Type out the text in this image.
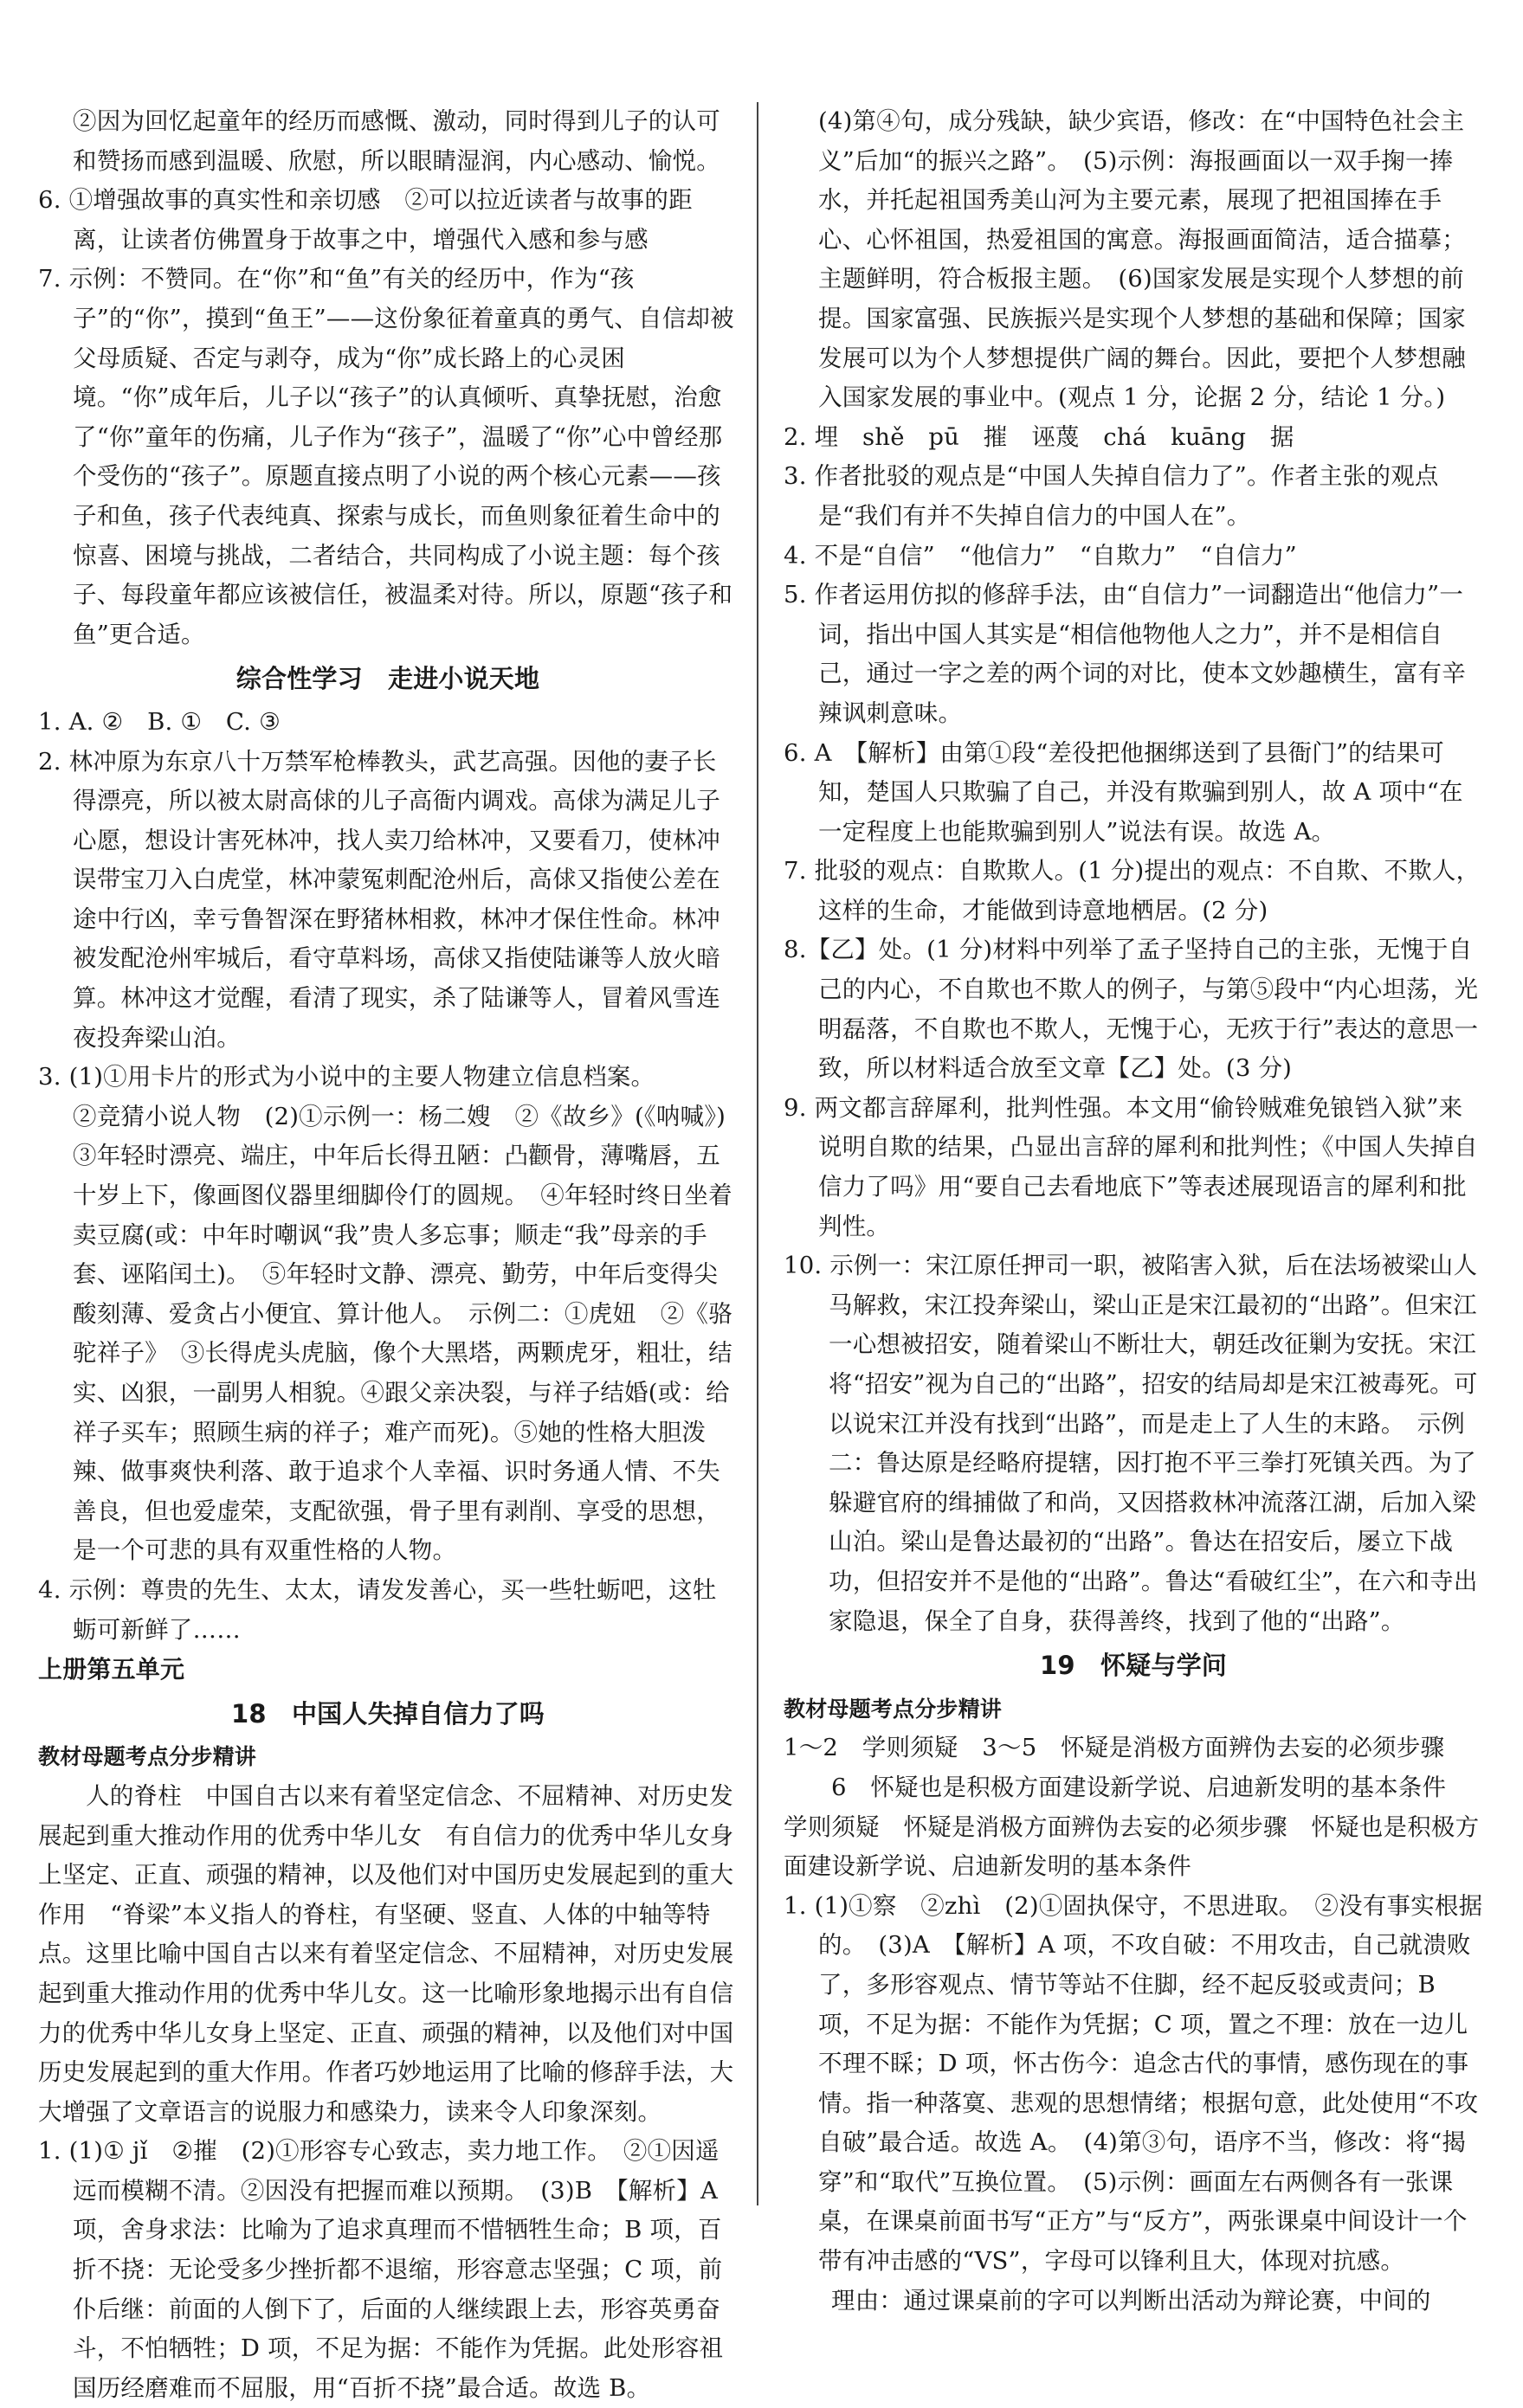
②因为回忆起童年的经历而感慨、激动，同时得到儿子的认可和赞扬而感到温暖、欣慰，所以眼睛湿润，内心感动、愉悦。

6. ①增强故事的真实性和亲切感　②可以拉近读者与故事的距离，让读者仿佛置身于故事之中，增强代入感和参与感

7. 示例：不赞同。在“你”和“鱼”有关的经历中，作为“孩子”的“你”，摸到“鱼王”——这份象征着童真的勇气、自信却被父母质疑、否定与剥夺，成为“你”成长路上的心灵困境。“你”成年后，儿子以“孩子”的认真倾听、真挚抚慰，治愈了“你”童年的伤痛，儿子作为“孩子”，温暖了“你”心中曾经那个受伤的“孩子”。原题直接点明了小说的两个核心元素——孩子和鱼，孩子代表纯真、探索与成长，而鱼则象征着生命中的惊喜、困境与挑战，二者结合，共同构成了小说主题：每个孩子、每段童年都应该被信任，被温柔对待。所以，原题“孩子和鱼”更合适。

综合性学习　走进小说天地

1. A. ②　B. ①　C. ③

2. 林冲原为东京八十万禁军枪棒教头，武艺高强。因他的妻子长得漂亮，所以被太尉高俅的儿子高衙内调戏。高俅为满足儿子心愿，想设计害死林冲，找人卖刀给林冲，又要看刀，使林冲误带宝刀入白虎堂，林冲蒙冤刺配沧州后，高俅又指使公差在途中行凶，幸亏鲁智深在野猪林相救，林冲才保住性命。林冲被发配沧州牢城后，看守草料场，高俅又指使陆谦等人放火暗算。林冲这才觉醒，看清了现实，杀了陆谦等人，冒着风雪连夜投奔梁山泊。

3. (1)①用卡片的形式为小说中的主要人物建立信息档案。

②竞猜小说人物　(2)①示例一：杨二嫂　②《故乡》(《呐喊》)　③年轻时漂亮、端庄，中年后长得丑陋：凸颧骨，薄嘴唇，五十岁上下，像画图仪器里细脚伶仃的圆规。　④年轻时终日坐着卖豆腐(或：中年时嘲讽“我”贵人多忘事；顺走“我”母亲的手套、诬陷闰土)。　⑤年轻时文静、漂亮、勤劳，中年后变得尖酸刻薄、爱贪占小便宜、算计他人。　示例二：①虎妞　②《骆驼祥子》　③长得虎头虎脑，像个大黑塔，两颗虎牙，粗壮，结实、凶狠，一副男人相貌。④跟父亲决裂，与祥子结婚(或：给祥子买车；照顾生病的祥子；难产而死)。⑤她的性格大胆泼辣、做事爽快利落、敢于追求个人幸福、识时务通人情、不失善良，但也爱虚荣，支配欲强，骨子里有剥削、享受的思想，是一个可悲的具有双重性格的人物。

4. 示例：尊贵的先生、太太，请发发善心，买一些牡蛎吧，这牡蛎可新鲜了……

上册第五单元

18　中国人失掉自信力了吗

教材母题考点分步精讲

人的脊柱　中国自古以来有着坚定信念、不屈精神、对历史发展起到重大推动作用的优秀中华儿女　有自信力的优秀中华儿女身上坚定、正直、顽强的精神，以及他们对中国历史发展起到的重大作用　“脊梁”本义指人的脊柱，有坚硬、竖直、人体的中轴等特点。这里比喻中国自古以来有着坚定信念、不屈精神，对历史发展起到重大推动作用的优秀中华儿女。这一比喻形象地揭示出有自信力的优秀中华儿女身上坚定、正直、顽强的精神，以及他们对中国历史发展起到的重大作用。作者巧妙地运用了比喻的修辞手法，大大增强了文章语言的说服力和感染力，读来令人印象深刻。

1. (1)① jǐ　②摧　(2)①形容专心致志，卖力地工作。　②①因遥远而模糊不清。②因没有把握而难以预期。　(3)B　【解析】A 项，舍身求法：比喻为了追求真理而不惜牺牲生命；B 项，百折不挠：无论受多少挫折都不退缩，形容意志坚强；C 项，前仆后继：前面的人倒下了，后面的人继续跟上去，形容英勇奋斗，不怕牺牲；D 项，不足为据：不能作为凭据。此处形容祖国历经磨难而不屈服，用“百折不挠”最合适。故选 B。

(4)第④句，成分残缺，缺少宾语，修改：在“中国特色社会主义”后加“的振兴之路”。　(5)示例：海报画面以一双手掬一捧水，并托起祖国秀美山河为主要元素，展现了把祖国捧在手心、心怀祖国，热爱祖国的寓意。海报画面简洁，适合描摹；主题鲜明，符合板报主题。　(6)国家发展是实现个人梦想的前提。国家富强、民族振兴是实现个人梦想的基础和保障；国家发展可以为个人梦想提供广阔的舞台。因此，要把个人梦想融入国家发展的事业中。(观点 1 分，论据 2 分，结论 1 分。)

2. 埋　shě　pū　摧　诬蔑　chá　kuāng　据

3. 作者批驳的观点是“中国人失掉自信力了”。作者主张的观点是“我们有并不失掉自信力的中国人在”。

4. 不是“自信”　“他信力”　“自欺力”　“自信力”

5. 作者运用仿拟的修辞手法，由“自信力”一词翻造出“他信力”一词，指出中国人其实是“相信他物他人之力”，并不是相信自己，通过一字之差的两个词的对比，使本文妙趣横生，富有辛辣讽刺意味。

6. A　【解析】由第①段“差役把他捆绑送到了县衙门”的结果可知，楚国人只欺骗了自己，并没有欺骗到别人，故 A 项中“在一定程度上也能欺骗到别人”说法有误。故选 A。

7. 批驳的观点：自欺欺人。(1 分)提出的观点：不自欺、不欺人，这样的生命，才能做到诗意地栖居。(2 分)

8.【乙】处。(1 分)材料中列举了孟子坚持自己的主张，无愧于自己的内心，不自欺也不欺人的例子，与第⑤段中“内心坦荡，光明磊落，不自欺也不欺人，无愧于心，无疚于行”表达的意思一致，所以材料适合放至文章【乙】处。(3 分)

9. 两文都言辞犀利，批判性强。本文用“偷铃贼难免锒铛入狱”来说明自欺的结果，凸显出言辞的犀利和批判性；《中国人失掉自信力了吗》用“要自己去看地底下”等表述展现语言的犀利和批判性。

10. 示例一：宋江原任押司一职，被陷害入狱，后在法场被梁山人马解救，宋江投奔梁山，梁山正是宋江最初的“出路”。但宋江一心想被招安，随着梁山不断壮大，朝廷改征剿为安抚。宋江将“招安”视为自己的“出路”，招安的结局却是宋江被毒死。可以说宋江并没有找到“出路”，而是走上了人生的末路。　示例二：鲁达原是经略府提辖，因打抱不平三拳打死镇关西。为了躲避官府的缉捕做了和尚，又因搭救林冲流落江湖，后加入梁山泊。梁山是鲁达最初的“出路”。鲁达在招安后，屡立下战功，但招安并不是他的“出路”。鲁达“看破红尘”，在六和寺出家隐退，保全了自身，获得善终，找到了他的“出路”。

19　怀疑与学问

教材母题考点分步精讲

1～2　学则须疑　3～5　怀疑是消极方面辨伪去妄的必须步骤

6　怀疑也是积极方面建设新学说、启迪新发明的基本条件　学则须疑　怀疑是消极方面辨伪去妄的必须步骤　怀疑也是积极方面建设新学说、启迪新发明的基本条件

1. (1)①察　②zhì　(2)①固执保守，不思进取。　②没有事实根据的。　(3)A　【解析】A 项，不攻自破：不用攻击，自己就溃败了，多形容观点、情节等站不住脚，经不起反驳或责问；B 项，不足为据：不能作为凭据；C 项，置之不理：放在一边儿不理不睬；D 项，怀古伤今：追念古代的事情，感伤现在的事情。指一种落寞、悲观的思想情绪；根据句意，此处使用“不攻自破”最合适。故选 A。　(4)第③句，语序不当，修改：将“揭穿”和“取代”互换位置。　(5)示例：画面左右两侧各有一张课桌，在课桌前面书写“正方”与“反方”，两张课桌中间设计一个带有冲击感的“VS”，字母可以锋利且大，体现对抗感。

理由：通过课桌前的字可以判断出活动为辩论赛，中间的
